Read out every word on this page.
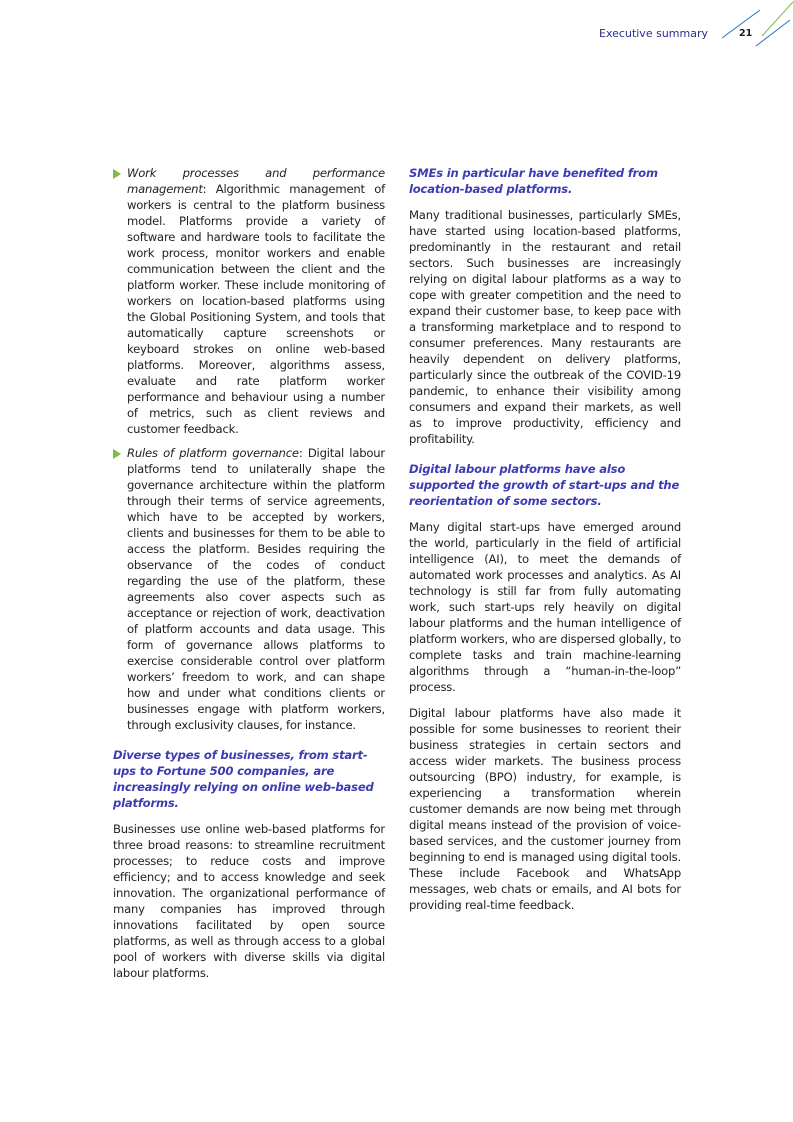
Executive summary	21
Work processes and performance management: Algorithmic management of workers is central to the platform business model. Platforms provide a variety of software and hardware tools to facilitate the work process, monitor workers and enable communication between the client and the platform worker. These include monitoring of workers on location-based platforms using the Global Positioning System, and tools that automatically capture screenshots or keyboard strokes on online web-based platforms. Moreover, algorithms assess, evaluate and rate platform worker performance and behaviour using a number of metrics, such as client reviews and customer feedback.
Rules of platform governance: Digital labour platforms tend to unilaterally shape the governance architecture within the platform through their terms of service agreements, which have to be accepted by workers, clients and businesses for them to be able to access the platform. Besides requiring the observance of the codes of conduct regarding the use of the platform, these agreements also cover aspects such as acceptance or rejection of work, deactivation of platform accounts and data usage. This form of governance allows platforms to exercise considerable control over platform workers’ freedom to work, and can shape how and under what conditions clients or businesses engage with platform workers, through exclusivity clauses, for instance.
Diverse types of businesses, from start-ups to Fortune 500 companies, are increasingly relying on online web-based platforms.

Businesses use online web-based platforms for three broad reasons: to streamline recruitment processes; to reduce costs and improve efficiency; and to access knowledge and seek innovation. The organizational performance of many companies has improved through innovations facilitated by open source platforms, as well as through access to a global pool of workers with diverse skills via digital labour platforms.

SMEs in particular have benefited from location-based platforms.

Many traditional businesses, particularly SMEs, have started using location-based platforms, predominantly in the restaurant and retail sectors. Such businesses are increasingly relying on digital labour platforms as a way to cope with greater competition and the need to expand their customer base, to keep pace with a transforming marketplace and to respond to consumer preferences. Many restaurants are heavily dependent on delivery platforms, particularly since the outbreak of the COVID-19 pandemic, to enhance their visibility among consumers and expand their markets, as well as to improve productivity, efficiency and profitability.

Digital labour platforms have also supported the growth of start-ups and the reorientation of some sectors.

Many digital start-ups have emerged around the world, particularly in the field of artificial intelligence (AI), to meet the demands of automated work processes and analytics. As AI technology is still far from fully automating work, such start-ups rely heavily on digital labour platforms and the human intelligence of platform workers, who are dispersed globally, to complete tasks and train machine-learning algorithms through a “human-in-the-loop” process.

Digital labour platforms have also made it possible for some businesses to reorient their business strategies in certain sectors and access wider markets. The business process outsourcing (BPO) industry, for example, is experiencing a transformation wherein customer demands are now being met through digital means instead of the provision of voice-based services, and the customer journey from beginning to end is managed using digital tools. These include Facebook and WhatsApp messages, web chats or emails, and AI bots for providing real-time feedback.
